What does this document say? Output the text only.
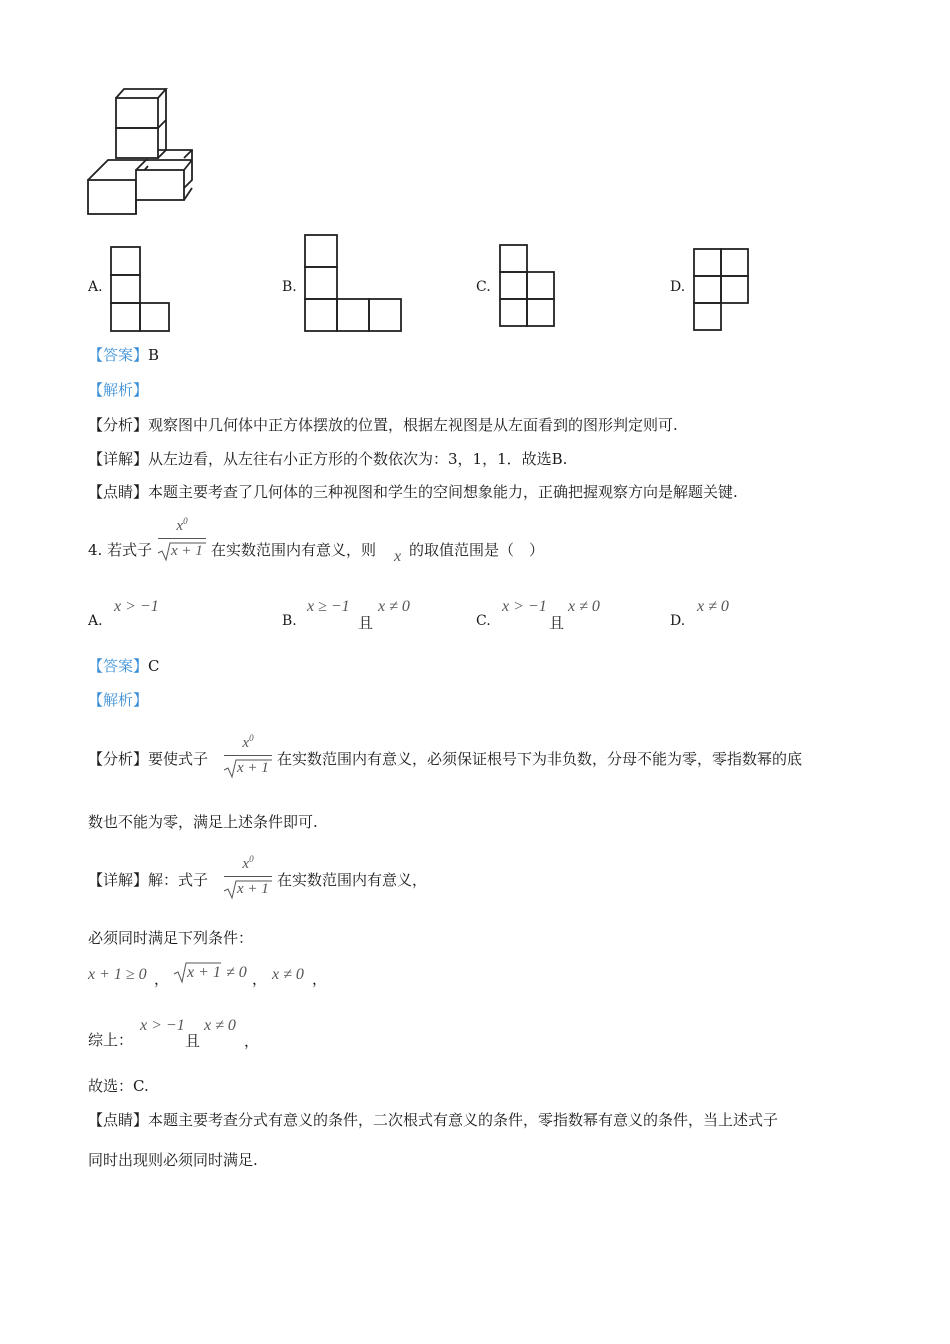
A.	B.	C.	D.
【答案】B
【解析】
【分析】观察图中几何体中正方体摆放的位置，根据左视图是从左面看到的图形判定则可.
【详解】从左边看，从左往右小正方形的个数依次为：3，1，1．故选B.
【点睛】本题主要考查了几何体的三种视图和学生的空间想象能力，正确把握观察方向是解题关键.
4. 若式子
$x^0$
x + 1 在实数范围内有意义，则 x 的取值范围是（　）
A.
x > −1
B.
x ≥ −1
且
x ≠ 0
C.
x > −1
且
x ≠ 0
D.
x ≠ 0
【答案】C
【解析】
【分析】要使式子
$x^0$
x + 1 在实数范围内有意义，必须保证根号下为非负数，分母不能为零，零指数幂的底
数也不能为零，满足上述条件即可.
【详解】解：式子
$x^0$
x + 1 在实数范围内有意义，
必须同时满足下列条件：
x + 1 ≥ 0 ， x + 1 ≠ 0 ， x ≠ 0 ，
综上：
x > −1
且
x ≠ 0
，
故选：C.
【点睛】本题主要考查分式有意义的条件，二次根式有意义的条件，零指数幂有意义的条件，当上述式子
同时出现则必须同时满足.
